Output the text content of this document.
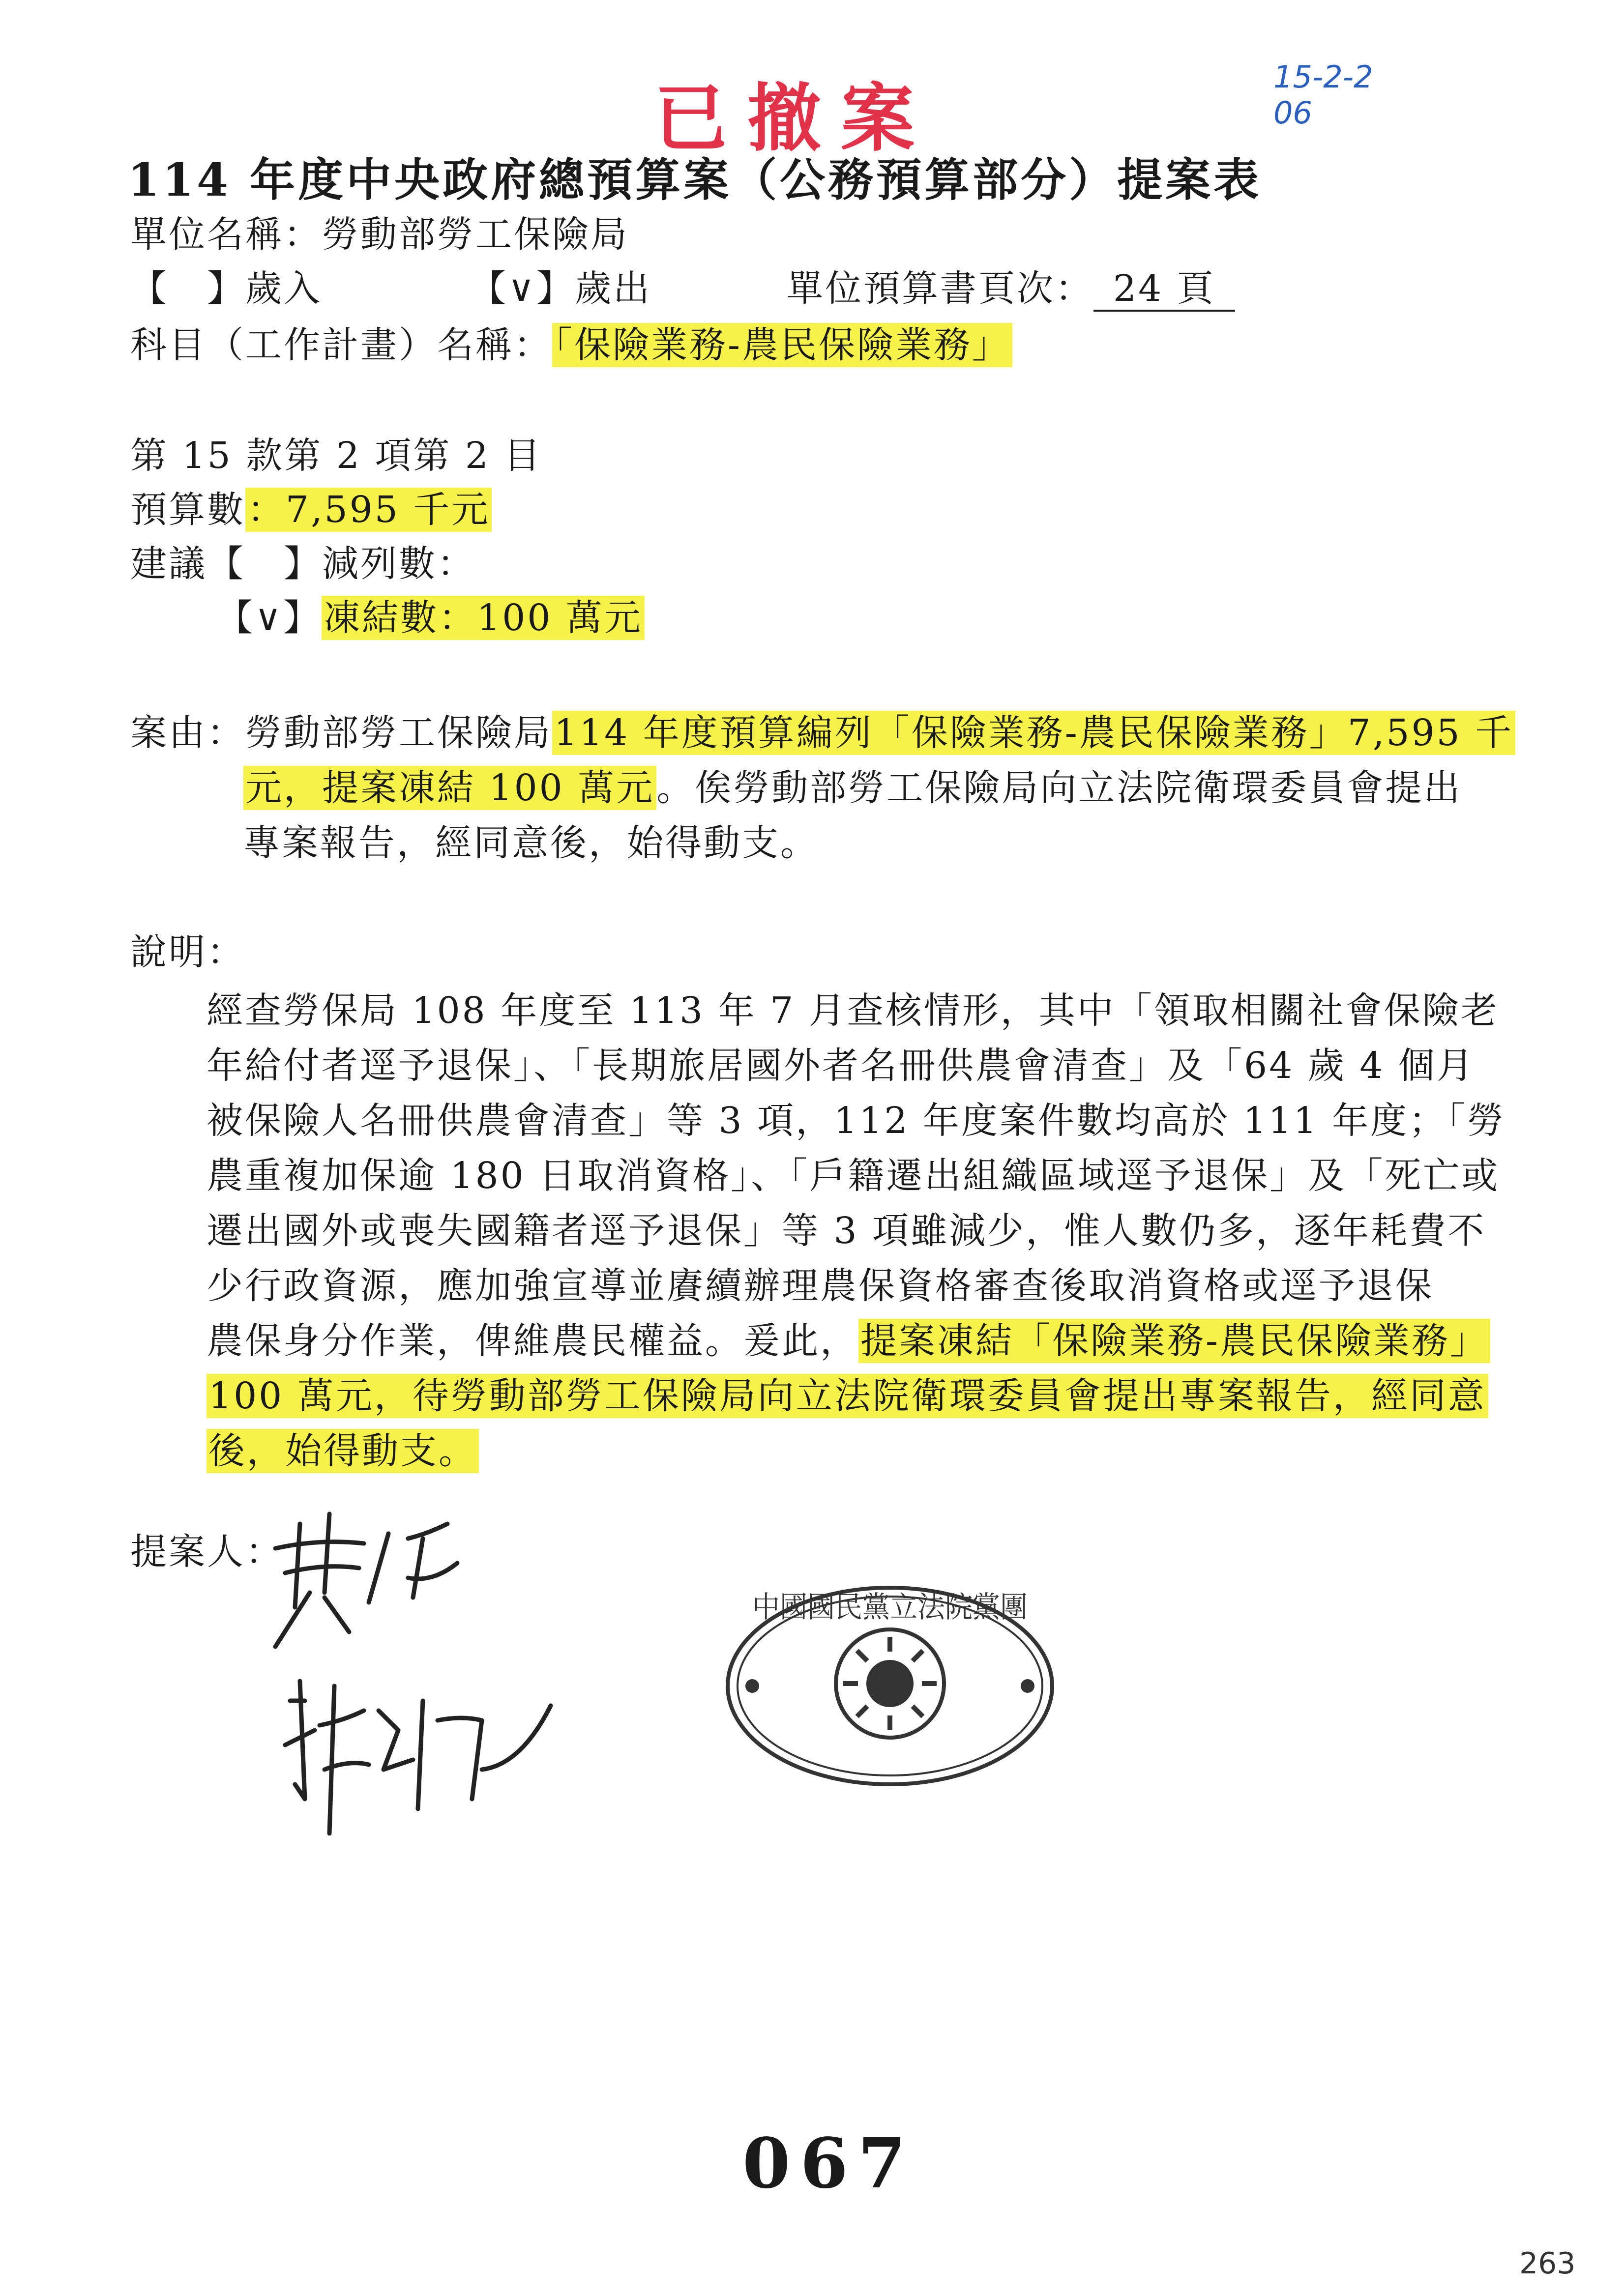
已撤案	15-2-2
06
114 年度中央政府總預算案（公務預算部分）提案表
單位名稱：勞動部勞工保險局
【　】歲入	【∨】歲出	單位預算書頁次： 24 頁
科目（工作計畫）名稱：「保險業務-農民保險業務」
第 15 款第 2 項第 2 目
預算數：7,595 千元
建議【　】減列數：
【∨】凍結數：100 萬元
案由：勞動部勞工保險局114 年度預算編列「保險業務-農民保險業務」7,595 千
元，提案凍結 100 萬元。俟勞動部勞工保險局向立法院衛環委員會提出
專案報告，經同意後，始得動支。
說明：
經查勞保局 108 年度至 113 年 7 月查核情形，其中「領取相關社會保險老
年給付者逕予退保」、「長期旅居國外者名冊供農會清查」及「64 歲 4 個月
被保險人名冊供農會清查」等 3 項，112 年度案件數均高於 111 年度；「勞
農重複加保逾 180 日取消資格」、「戶籍遷出組織區域逕予退保」及「死亡或
遷出國外或喪失國籍者逕予退保」等 3 項雖減少，惟人數仍多，逐年耗費不
少行政資源，應加強宣導並賡續辦理農保資格審查後取消資格或逕予退保
農保身分作業，俾維農民權益。爰此，提案凍結「保險業務-農民保險業務」
100 萬元，待勞動部勞工保險局向立法院衛環委員會提出專案報告，經同意
後，始得動支。
提案人：
中國國民黨立法院黨團
067
263
